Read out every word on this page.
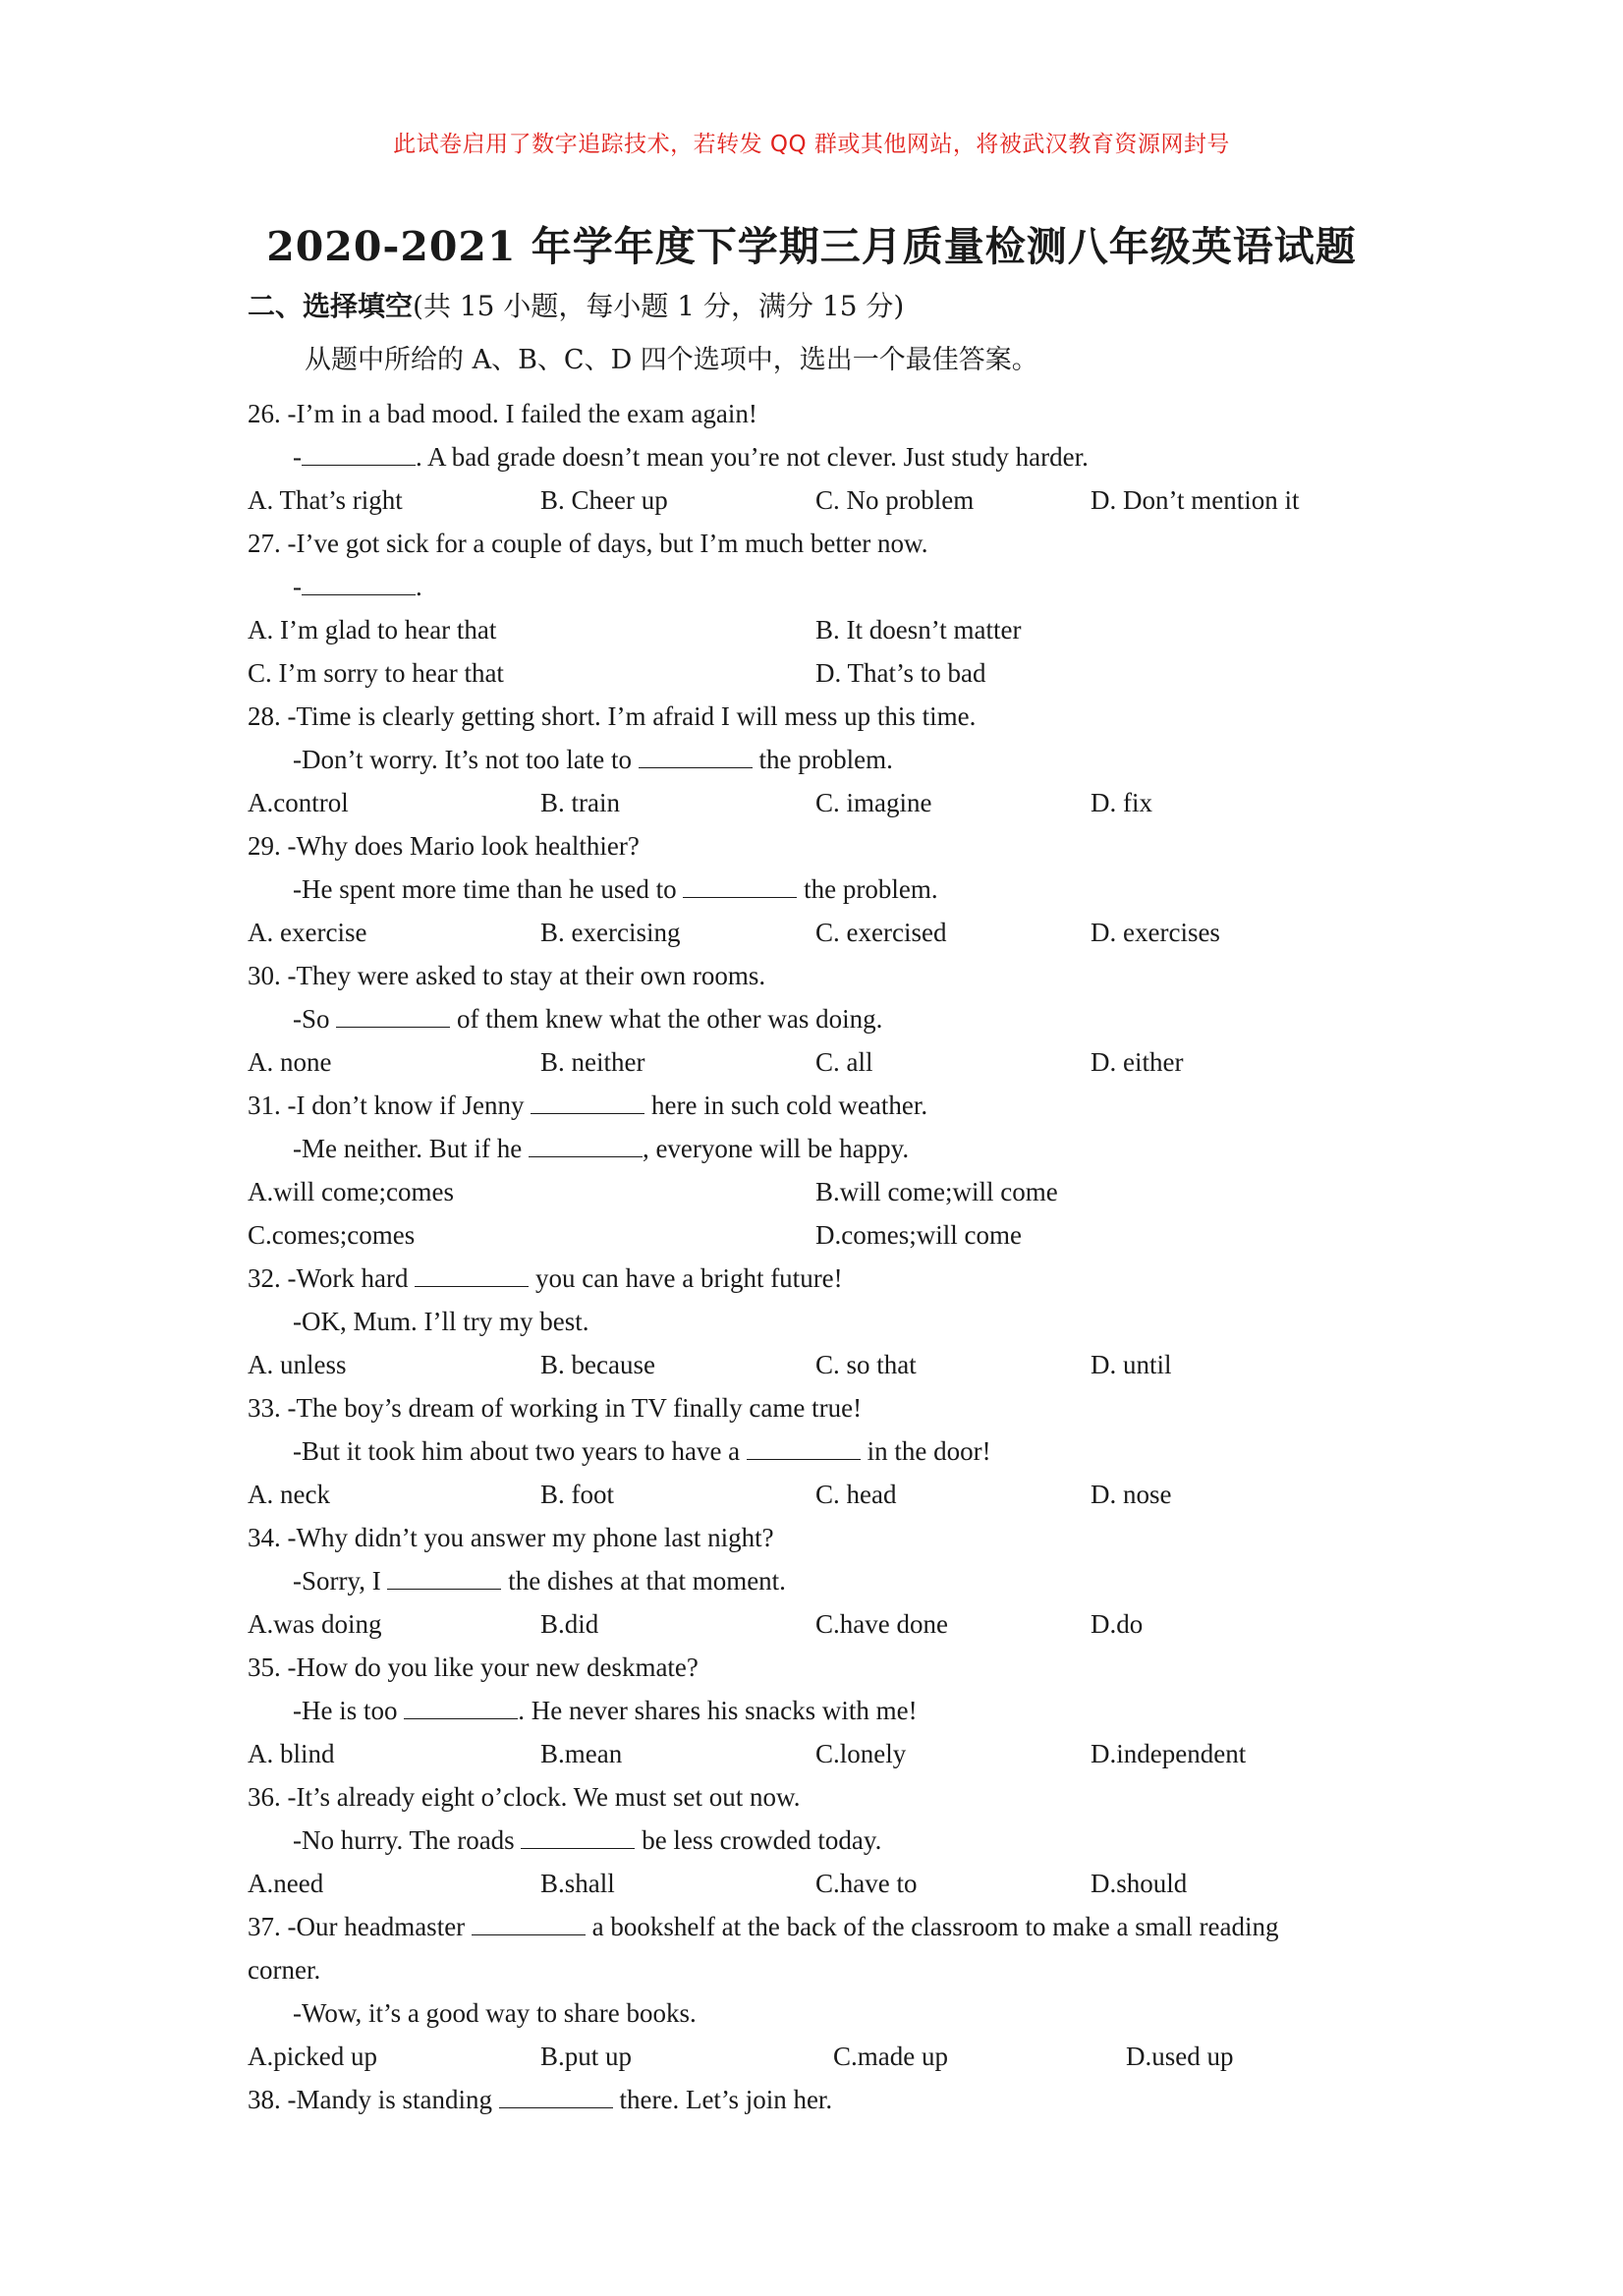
此试卷启用了数字追踪技术，若转发 QQ 群或其他网站，将被武汉教育资源网封号
2020-2021 年学年度下学期三月质量检测八年级英语试题
二、选择填空(共 15 小题，每小题 1 分，满分 15 分)
从题中所给的 A、B、C、D 四个选项中，选出一个最佳答案。
26. -I’m in a bad mood. I failed the exam again!
-	. A bad grade doesn’t mean you’re not clever. Just study harder.
A. That’s right	B. Cheer up	C. No problem	D. Don’t mention it
27. -I’ve got sick for a couple of days, but I’m much better now.
-	.
A. I’m glad to hear that	B. It doesn’t matter
C. I’m sorry to hear that	D. That’s to bad
28. -Time is clearly getting short. I’m afraid I will mess up this time.
-Don’t worry. It’s not too late to	the problem.
A.control	B. train	C. imagine	D. fix
29. -Why does Mario look healthier?
-He spent more time than he used to	the problem.
A. exercise	B. exercising	C. exercised	D. exercises
30. -They were asked to stay at their own rooms.
-So	of them knew what the other was doing.
A. none	B. neither	C. all	D. either
31. -I don’t know if Jenny	here in such cold weather.
-Me neither. But if he	, everyone will be happy.
A.will come;comes	B.will come;will come
C.comes;comes	D.comes;will come
32. -Work hard	you can have a bright future!
-OK, Mum. I’ll try my best.
A. unless	B. because	C. so that	D. until
33. -The boy’s dream of working in TV finally came true!
-But it took him about two years to have a	in the door!
A. neck	B. foot	C. head	D. nose
34. -Why didn’t you answer my phone last night?
-Sorry, I	the dishes at that moment.
A.was doing	B.did	C.have done	D.do
35. -How do you like your new deskmate?
-He is too	. He never shares his snacks with me!
A. blind	B.mean	C.lonely	D.independent
36. -It’s already eight o’clock. We must set out now.
-No hurry. The roads	be less crowded today.
A.need	B.shall	C.have to	D.should
37. -Our headmaster	a bookshelf at the back of the classroom to make a small reading
corner.
-Wow, it’s a good way to share books.
A.picked up	B.put up	C.made up	D.used up
38. -Mandy is standing	there. Let’s join her.
